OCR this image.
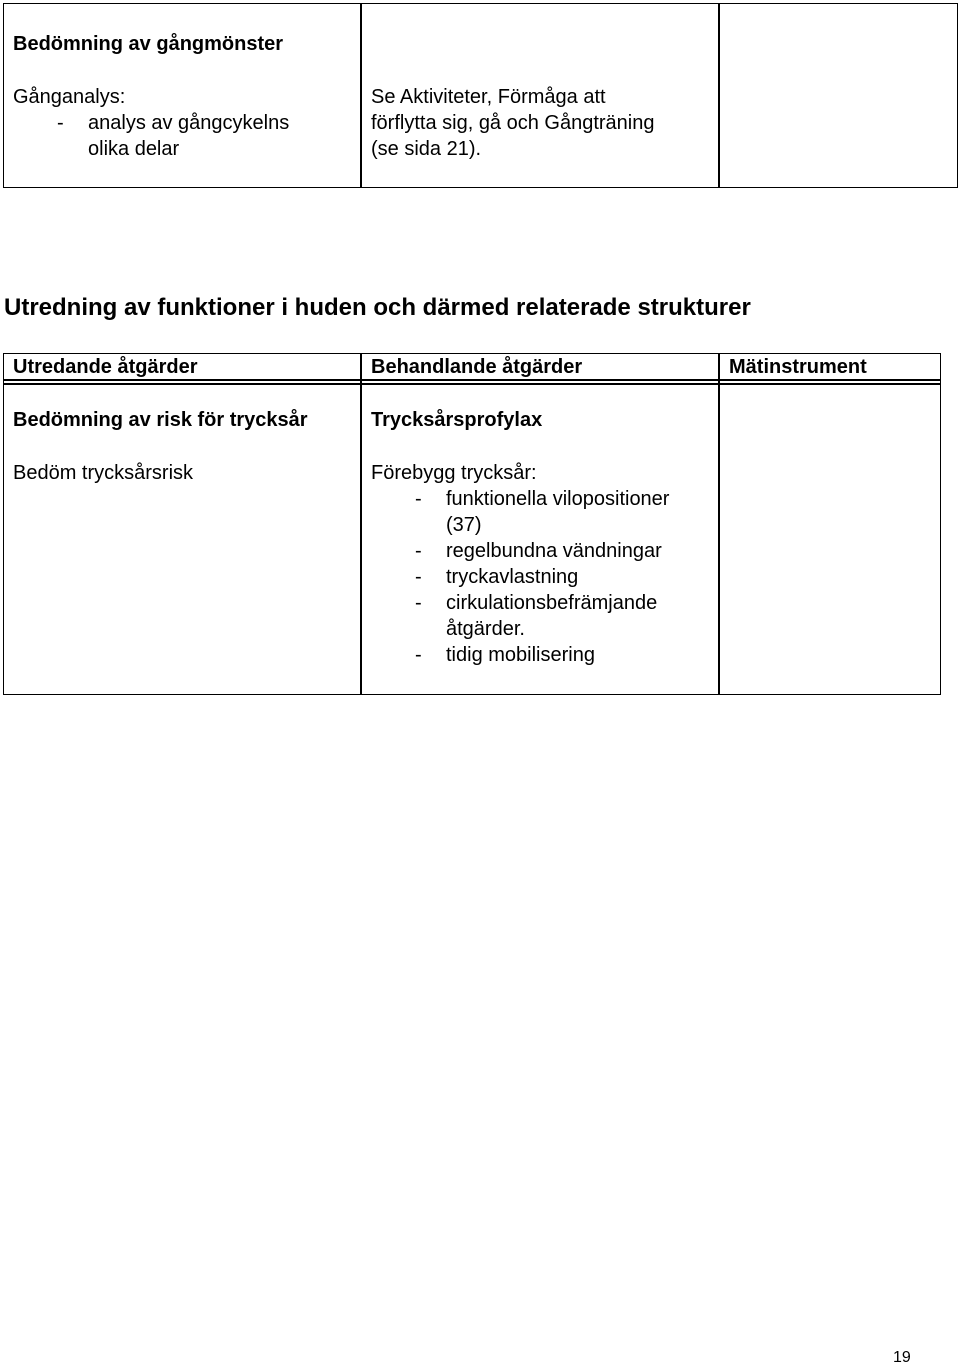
Bedömning av gångmönster
Gånganalys:
- analys av gångcykelns
olika delar
Se Aktiviteter, Förmåga att
förflytta sig, gå och Gångträning
(se sida 21).
Utredning av funktioner i huden och därmed relaterade strukturer
Utredande åtgärder	Behandlande åtgärder	Mätinstrument
Bedömning av risk för trycksår
Bedöm trycksårsrisk
Trycksårsprofylax
Förebygg trycksår:
- funktionella vilopositioner
(37)
- regelbundna vändningar
- tryckavlastning
- cirkulationsbefrämjande
åtgärder.
- tidig mobilisering
19
